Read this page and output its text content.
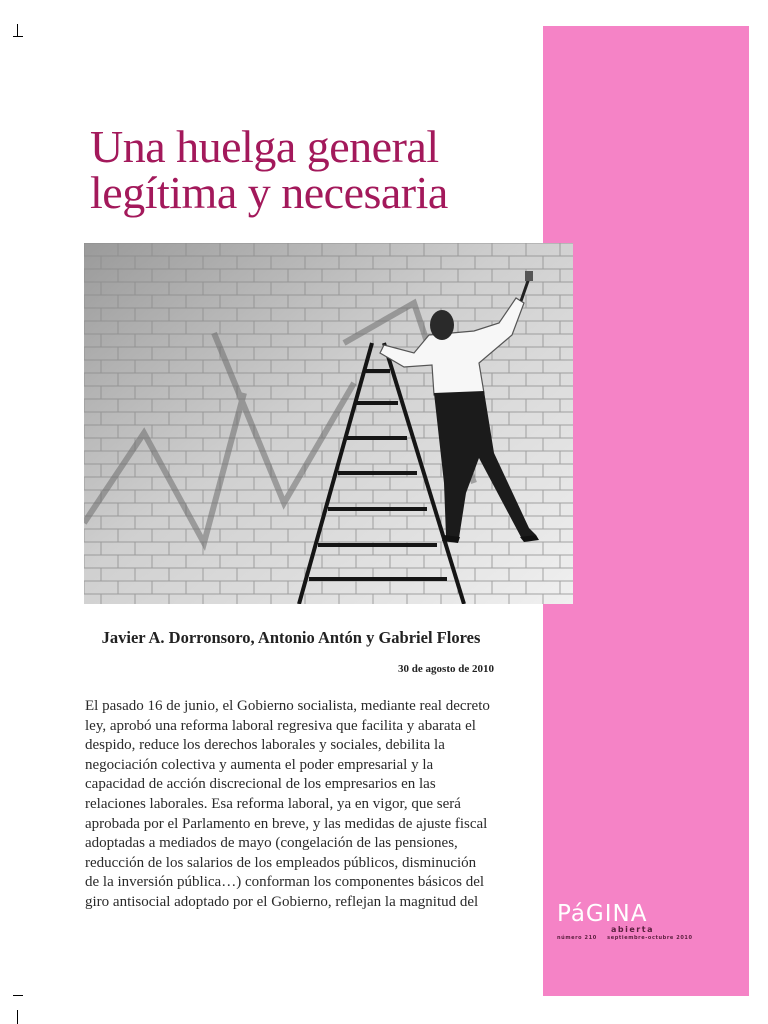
Una huelga general
legítima y necesaria
Javier A. Dorronsoro, Antonio Antón y Gabriel Flores
30 de agosto de 2010
El pasado 16 de junio, el Gobierno socialista, mediante real decreto
ley, aprobó una reforma laboral regresiva que facilita y abarata el
despido, reduce los derechos laborales y sociales, debilita la
negociación colectiva y aumenta el poder empresarial y la
capacidad de acción discrecional de los empresarios en las
relaciones laborales. Esa reforma laboral, ya en vigor, que será
aprobada por el Parlamento en breve, y las medidas de ajuste fiscal
adoptadas a mediados de mayo (congelación de las pensiones,
reducción de los salarios de los empleados públicos, disminución
de la inversión pública…) conforman los componentes básicos del
giro antisocial adoptado por el Gobierno, reflejan la magnitud del	PáGINA
abierta
número 210 septiembre-octubre 2010
